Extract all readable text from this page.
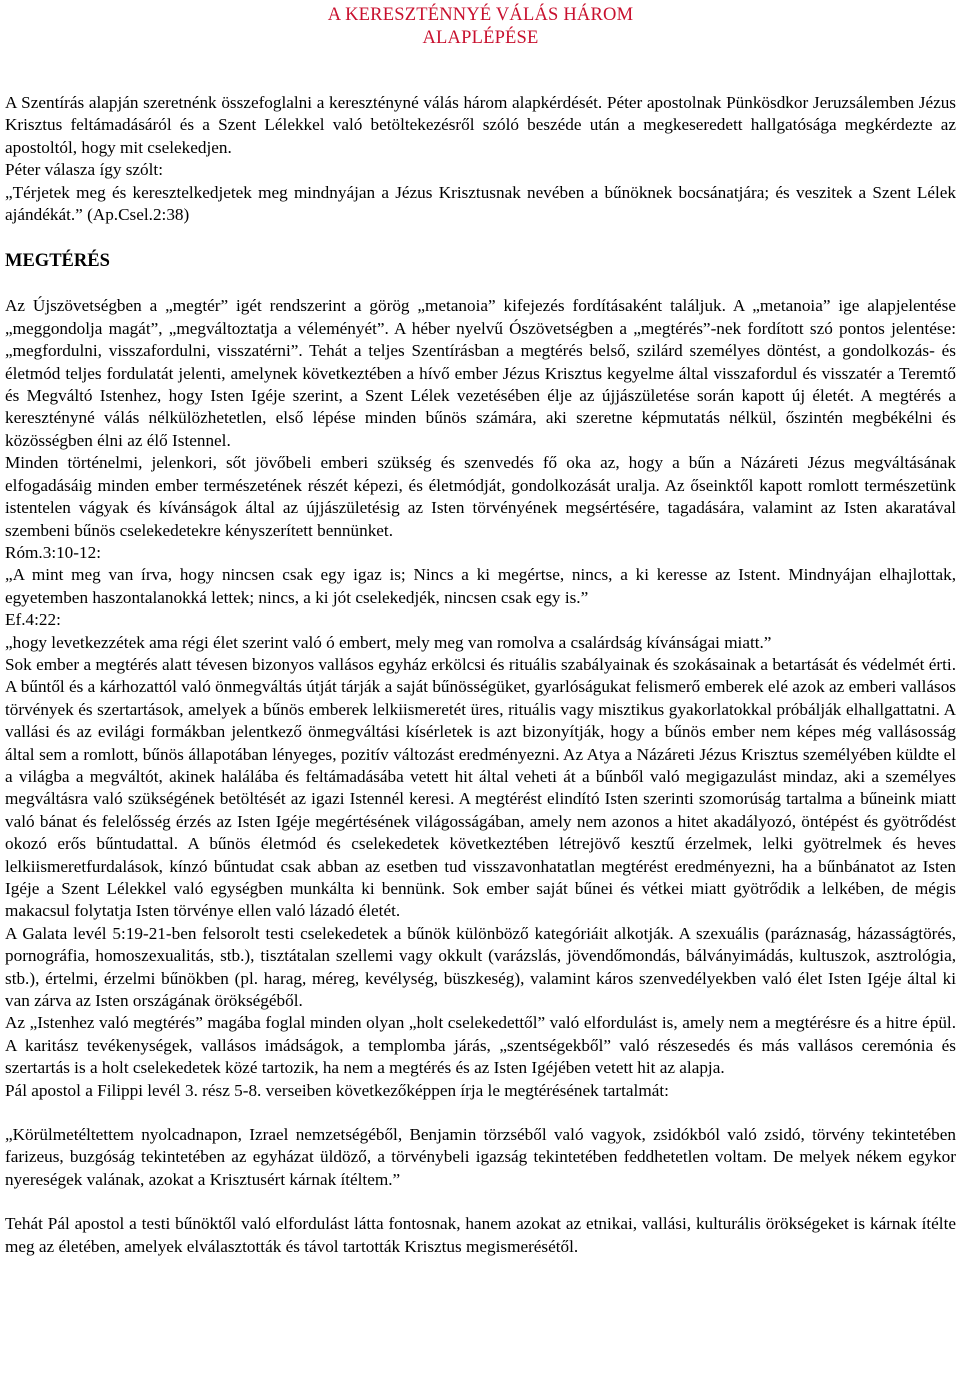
A KERESZTÉNNYÉ VÁLÁS HÁROM
ALAPLÉPÉSE

A Szentírás alapján szeretnénk összefoglalni a keresztényné válás három alapkérdését. Péter apostolnak Pünkösdkor Jeruzsálemben Jézus Krisztus feltámadásáról és a Szent Lélekkel való betöltekezésről szóló beszéde után a megkeseredett hallgatósága megkérdezte az apostoltól, hogy mit cselekedjen.

Péter válasza így szólt:

„Térjetek meg és keresztelkedjetek meg mindnyájan a Jézus Krisztusnak nevében a bűnöknek bocsánatjára; és veszitek a Szent Lélek ajándékát.” (Ap.Csel.2:38)

MEGTÉRÉS

Az Újszövetségben a „megtér” igét rendszerint a görög „metanoia” kifejezés fordításaként találjuk. A „metanoia” ige alapjelentése „meggondolja magát”, „megváltoztatja a véleményét”. A héber nyelvű Ószövetségben a „megtérés”-nek fordított szó pontos jelentése: „megfordulni, visszafordulni, visszatérni”. Tehát a teljes Szentírásban a megtérés belső, szilárd személyes döntést, a gondolkozás- és életmód teljes fordulatát jelenti, amelynek következtében a hívő ember Jézus Krisztus kegyelme által visszafordul és visszatér a Teremtő és Megváltó Istenhez, hogy Isten Igéje szerint, a Szent Lélek vezetésében élje az újjászületése során kapott új életét. A megtérés a keresztényné válás nélkülözhetetlen, első lépése minden bűnös számára, aki szeretne képmutatás nélkül, őszintén megbékélni és közösségben élni az élő Istennel.

Minden történelmi, jelenkori, sőt jövőbeli emberi szükség és szenvedés fő oka az, hogy a bűn a Názáreti Jézus megváltásának elfogadásáig minden ember természetének részét képezi, és életmódját, gondolkozását uralja. Az őseinktől kapott romlott természetünk istentelen vágyak és kívánságok által az újjászületésig az Isten törvényének megsértésére, tagadására, valamint az Isten akaratával szembeni bűnös cselekedetekre kényszerített bennünket.

Róm.3:10-12:

„A mint meg van írva, hogy nincsen csak egy igaz is; Nincs a ki megértse, nincs, a ki keresse az Istent. Mindnyájan elhajlottak, egyetemben haszontalanokká lettek; nincs, a ki jót cselekedjék, nincsen csak egy is.”

Ef.4:22:

„hogy levetkezzétek ama régi élet szerint való ó embert, mely meg van romolva a csalárdság kívánságai miatt.”

Sok ember a megtérés alatt tévesen bizonyos vallásos egyház erkölcsi és rituális szabályainak és szokásainak a betartását és védelmét érti. A bűntől és a kárhozattól való önmegváltás útját tárják a saját bűnösségüket, gyarlóságukat felismerő emberek elé azok az emberi vallásos törvények és szertartások, amelyek a bűnös emberek lelkiismeretét üres, rituális vagy misztikus gyakorlatokkal próbálják elhallgattatni. A vallási és az evilági formákban jelentkező önmegváltási kísérletek is azt bizonyítják, hogy a bűnös ember nem képes még vallásosság által sem a romlott, bűnös állapotában lényeges, pozitív változást eredményezni. Az Atya a Názáreti Jézus Krisztus személyében küldte el a világba a megváltót, akinek halálába és feltámadásába vetett hit által veheti át a bűnből való megigazulást mindaz, aki a személyes megváltásra való szükségének betöltését az igazi Istennél keresi. A megtérést elindító Isten szerinti szomorúság tartalma a bűneink miatt való bánat és felelősség érzés az Isten Igéje megértésének világosságában, amely nem azonos a hitet akadályozó, öntépést és gyötrődést okozó erős bűntudattal. A bűnös életmód és cselekedetek következtében létrejövő kesztű érzelmek, lelki gyötrelmek és heves lelkiismeretfurdalások, kínzó bűntudat csak abban az esetben tud visszavonhatatlan megtérést eredményezni, ha a bűnbánatot az Isten Igéje a Szent Lélekkel való egységben munkálta ki bennünk. Sok ember saját bűnei és vétkei miatt gyötrődik a lelkében, de mégis makacsul folytatja Isten törvénye ellen való lázadó életét.

A Galata levél 5:19-21-ben felsorolt testi cselekedetek a bűnök különböző kategóriáit alkotják. A szexuális (paráznaság, házasságtörés, pornográfia, homoszexualitás, stb.), tisztátalan szellemi vagy okkult (varázslás, jövendőmondás, bálványimádás, kultuszok, asztrológia, stb.), értelmi, érzelmi bűnökben (pl. harag, méreg, kevélység, büszkeség), valamint káros szenvedélyekben való élet Isten Igéje által ki van zárva az Isten országának örökségéből.

Az „Istenhez való megtérés” magába foglal minden olyan „holt cselekedettől” való elfordulást is, amely nem a megtérésre és a hitre épül. A karitász tevékenységek, vallásos imádságok, a templomba járás, „szentségekből” való részesedés és más vallásos ceremónia és szertartás is a holt cselekedetek közé tartozik, ha nem a megtérés és az Isten Igéjében vetett hit az alapja.

Pál apostol a Filippi levél 3. rész 5-8. verseiben következőképpen írja le megtérésének tartalmát:

„Körülmetéltettem nyolcadnapon, Izrael nemzetségéből, Benjamin törzséből való vagyok, zsidókból való zsidó, törvény tekintetében farizeus, buzgóság tekintetében az egyházat üldöző, a törvénybeli igazság tekintetében feddhetetlen voltam. De melyek nékem egykor nyereségek valának, azokat a Krisztusért kárnak ítéltem.”

Tehát Pál apostol a testi bűnöktől való elfordulást látta fontosnak, hanem azokat az etnikai, vallási, kulturális örökségeket is kárnak ítélte meg az életében, amelyek elválasztották és távol tartották Krisztus megismerésétől.
